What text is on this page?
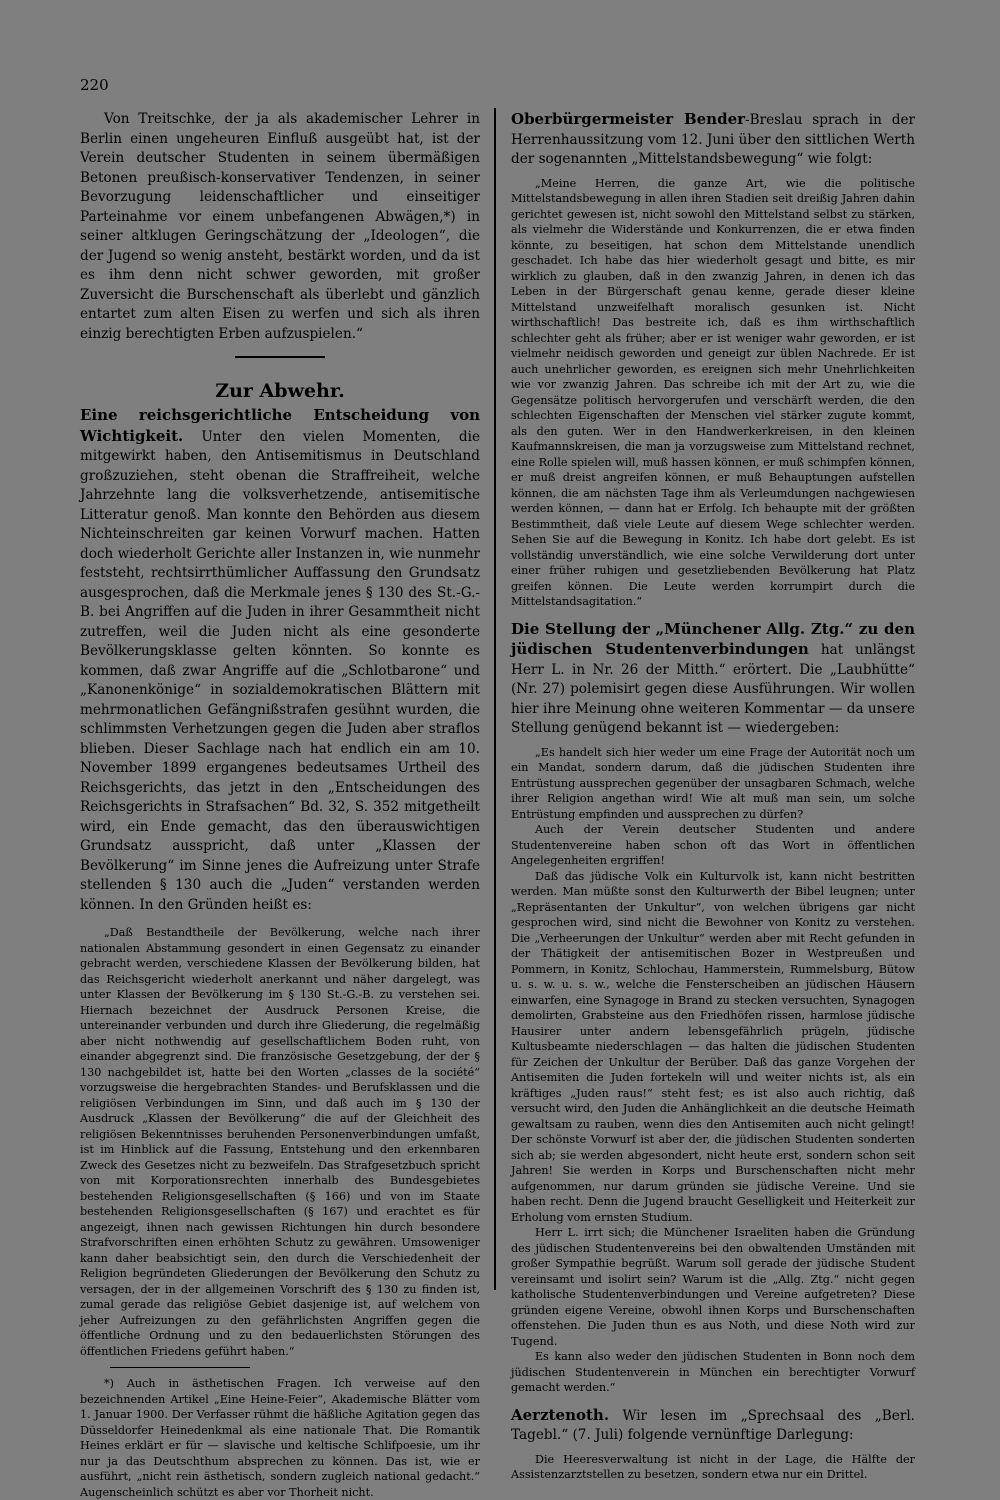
220

Von Treitschke, der ja als akademischer Lehrer in Berlin einen ungeheuren Einfluß ausgeübt hat, ist der Verein deutscher Studenten in seinem übermäßigen Betonen preußisch-konservativer Tendenzen, in seiner Bevorzugung leidenschaftlicher und einseitiger Parteinahme vor einem unbefangenen Abwägen,*) in seiner altklugen Geringschätzung der „Ideologen“, die der Jugend so wenig ansteht, bestärkt worden, und da ist es ihm denn nicht schwer geworden, mit großer Zuversicht die Burschenschaft als überlebt und gänzlich entartet zum alten Eisen zu werfen und sich als ihren einzig berechtigten Erben aufzuspielen.“

Zur Abwehr.

Eine reichsgerichtliche Entscheidung von Wichtigkeit. Unter den vielen Momenten, die mitgewirkt haben, den Antisemitismus in Deutschland großzuziehen, steht obenan die Straffreiheit, welche Jahrzehnte lang die volksverhetzende, antisemitische Litteratur genoß. Man konnte den Behörden aus diesem Nichteinschreiten gar keinen Vorwurf machen. Hatten doch wiederholt Gerichte aller Instanzen in, wie nunmehr feststeht, rechtsirrthümlicher Auffassung den Grundsatz ausgesprochen, daß die Merkmale jenes § 130 des St.-G.-B. bei Angriffen auf die Juden in ihrer Gesammtheit nicht zutreffen, weil die Juden nicht als eine gesonderte Bevölkerungsklasse gelten könnten. So konnte es kommen, daß zwar Angriffe auf die „Schlotbarone“ und „Kanonenkönige“ in sozialdemokratischen Blättern mit mehrmonatlichen Gefängnißstrafen gesühnt wurden, die schlimmsten Verhetzungen gegen die Juden aber straflos blieben. Dieser Sachlage nach hat endlich ein am 10. November 1899 ergangenes bedeutsames Urtheil des Reichsgerichts, das jetzt in den „Entscheidungen des Reichsgerichts in Strafsachen“ Bd. 32, S. 352 mitgetheilt wird, ein Ende gemacht, das den überauswichtigen Grundsatz ausspricht, daß unter „Klassen der Bevölkerung“ im Sinne jenes die Aufreizung unter Strafe stellenden § 130 auch die „Juden“ verstanden werden können. In den Gründen heißt es:

„Daß Bestandtheile der Bevölkerung, welche nach ihrer nationalen Abstammung gesondert in einen Gegensatz zu einander gebracht werden, verschiedene Klassen der Bevölkerung bilden, hat das Reichsgericht wiederholt anerkannt und näher dargelegt, was unter Klassen der Bevölkerung im § 130 St.-G.-B. zu verstehen sei. Hiernach bezeichnet der Ausdruck Personen Kreise, die untereinander verbunden und durch ihre Gliederung, die regelmäßig aber nicht nothwendig auf gesellschaftlichem Boden ruht, von einander abgegrenzt sind. Die französische Gesetzgebung, der der § 130 nachgebildet ist, hatte bei den Worten „classes de la société“ vorzugsweise die hergebrachten Standes- und Berufsklassen und die religiösen Verbindungen im Sinn, und daß auch im § 130 der Ausdruck „Klassen der Bevölkerung“ die auf der Gleichheit des religiösen Bekenntnisses beruhenden Personenverbindungen umfaßt, ist im Hinblick auf die Fassung, Entstehung und den erkennbaren Zweck des Gesetzes nicht zu bezweifeln. Das Strafgesetzbuch spricht von mit Korporationsrechten innerhalb des Bundesgebietes bestehenden Religionsgesellschaften (§ 166) und von im Staate bestehenden Religionsgesellschaften (§ 167) und erachtet es für angezeigt, ihnen nach gewissen Richtungen hin durch besondere Strafvorschriften einen erhöhten Schutz zu gewähren. Umsoweniger kann daher beabsichtigt sein, den durch die Verschiedenheit der Religion begründeten Gliederungen der Bevölkerung den Schutz zu versagen, der in der allgemeinen Vorschrift des § 130 zu finden ist, zumal gerade das religiöse Gebiet dasjenige ist, auf welchem von jeher Aufreizungen zu den gefährlichsten Angriffen gegen die öffentliche Ordnung und zu den bedauerlichsten Störungen des öffentlichen Friedens geführt haben.“

*) Auch in ästhetischen Fragen. Ich verweise auf den bezeichnenden Artikel „Eine Heine-Feier“, Akademische Blätter vom 1. Januar 1900. Der Verfasser rühmt die häßliche Agitation gegen das Düsseldorfer Heinedenkmal als eine nationale That. Die Romantik Heines erklärt er für — slavische und keltische Schlifpoesie, um ihr nur ja das Deutschthum absprechen zu können. Das ist, wie er ausführt, „nicht rein ästhetisch, sondern zugleich national gedacht.“ Augenscheinlich schützt es aber vor Thorheit nicht.

Oberbürgermeister Bender-Breslau sprach in der Herrenhaussitzung vom 12. Juni über den sittlichen Werth der sogenannten „Mittelstandsbewegung“ wie folgt:

„Meine Herren, die ganze Art, wie die politische Mittelstandsbewegung in allen ihren Stadien seit dreißig Jahren dahin gerichtet gewesen ist, nicht sowohl den Mittelstand selbst zu stärken, als vielmehr die Widerstände und Konkurrenzen, die er etwa finden könnte, zu beseitigen, hat schon dem Mittelstande unendlich geschadet. Ich habe das hier wiederholt gesagt und bitte, es mir wirklich zu glauben, daß in den zwanzig Jahren, in denen ich das Leben in der Bürgerschaft genau kenne, gerade dieser kleine Mittelstand unzweifelhaft moralisch gesunken ist. Nicht wirthschaftlich! Das bestreite ich, daß es ihm wirthschaftlich schlechter geht als früher; aber er ist weniger wahr geworden, er ist vielmehr neidisch geworden und geneigt zur üblen Nachrede. Er ist auch unehrlicher geworden, es ereignen sich mehr Unehrlichkeiten wie vor zwanzig Jahren. Das schreibe ich mit der Art zu, wie die Gegensätze politisch hervorgerufen und verschärft werden, die den schlechten Eigenschaften der Menschen viel stärker zugute kommt, als den guten. Wer in den Handwerkerkreisen, in den kleinen Kaufmannskreisen, die man ja vorzugsweise zum Mittelstand rechnet, eine Rolle spielen will, muß hassen können, er muß schimpfen können, er muß dreist angreifen können, er muß Behauptungen aufstellen können, die am nächsten Tage ihm als Verleumdungen nachgewiesen werden können, — dann hat er Erfolg. Ich behaupte mit der größten Bestimmtheit, daß viele Leute auf diesem Wege schlechter werden. Sehen Sie auf die Bewegung in Konitz. Ich habe dort gelebt. Es ist vollständig unverständlich, wie eine solche Verwilderung dort unter einer früher ruhigen und gesetzliebenden Bevölkerung hat Platz greifen können. Die Leute werden korrumpirt durch die Mittelstandsagitation.“

Die Stellung der „Münchener Allg. Ztg.“ zu den jüdischen Studentenverbindungen hat unlängst Herr L. in Nr. 26 der Mitth.“ erörtert. Die „Laubhütte“ (Nr. 27) polemisirt gegen diese Ausführungen. Wir wollen hier ihre Meinung ohne weiteren Kommentar — da unsere Stellung genügend bekannt ist — wiedergeben:

„Es handelt sich hier weder um eine Frage der Autorität noch um ein Mandat, sondern darum, daß die jüdischen Studenten ihre Entrüstung aussprechen gegenüber der unsagbaren Schmach, welche ihrer Religion angethan wird! Wie alt muß man sein, um solche Entrüstung empfinden und aussprechen zu dürfen?

Auch der Verein deutscher Studenten und andere Studentenvereine haben schon oft das Wort in öffentlichen Angelegenheiten ergriffen!

Daß das jüdische Volk ein Kulturvolk ist, kann nicht bestritten werden. Man müßte sonst den Kulturwerth der Bibel leugnen; unter „Repräsentanten der Unkultur“, von welchen übrigens gar nicht gesprochen wird, sind nicht die Bewohner von Konitz zu verstehen. Die „Verheerungen der Unkultur“ werden aber mit Recht gefunden in der Thätigkeit der antisemitischen Bozer in Westpreußen und Pommern, in Konitz, Schlochau, Hammerstein, Rummelsburg, Bütow u. s. w. u. s. w., welche die Fensterscheiben an jüdischen Häusern einwarfen, eine Synagoge in Brand zu stecken versuchten, Synagogen demolirten, Grabsteine aus den Friedhöfen rissen, harmlose jüdische Hausirer unter andern lebensgefährlich prügeln, jüdische Kultusbeamte niederschlagen — das halten die jüdischen Studenten für Zeichen der Unkultur der Berüber. Daß das ganze Vorgehen der Antisemiten die Juden fortekeln will und weiter nichts ist, als ein kräftiges „Juden raus!“ steht fest; es ist also auch richtig, daß versucht wird, den Juden die Anhänglichkeit an die deutsche Heimath gewaltsam zu rauben, wenn dies den Antisemiten auch nicht gelingt! Der schönste Vorwurf ist aber der, die jüdischen Studenten sonderten sich ab; sie werden abgesondert, nicht heute erst, sondern schon seit Jahren! Sie werden in Korps und Burschenschaften nicht mehr aufgenommen, nur darum gründen sie jüdische Vereine. Und sie haben recht. Denn die Jugend braucht Geselligkeit und Heiterkeit zur Erholung vom ernsten Studium.

Herr L. irrt sich; die Münchener Israeliten haben die Gründung des jüdischen Studentenvereins bei den obwaltenden Umständen mit großer Sympathie begrüßt. Warum soll gerade der jüdische Student vereinsamt und isolirt sein? Warum ist die „Allg. Ztg.“ nicht gegen katholische Studentenverbindungen und Vereine aufgetreten? Diese gründen eigene Vereine, obwohl ihnen Korps und Burschenschaften offenstehen. Die Juden thun es aus Noth, und diese Noth wird zur Tugend.

Es kann also weder den jüdischen Studenten in Bonn noch dem jüdischen Studentenverein in München ein berechtigter Vorwurf gemacht werden.“

Aerztenoth. Wir lesen im „Sprechsaal des „Berl. Tagebl.“ (7. Juli) folgende vernünftige Darlegung:

Die Heeresverwaltung ist nicht in der Lage, die Hälfte der Assistenzarztstellen zu besetzen, sondern etwa nur ein Drittel.
